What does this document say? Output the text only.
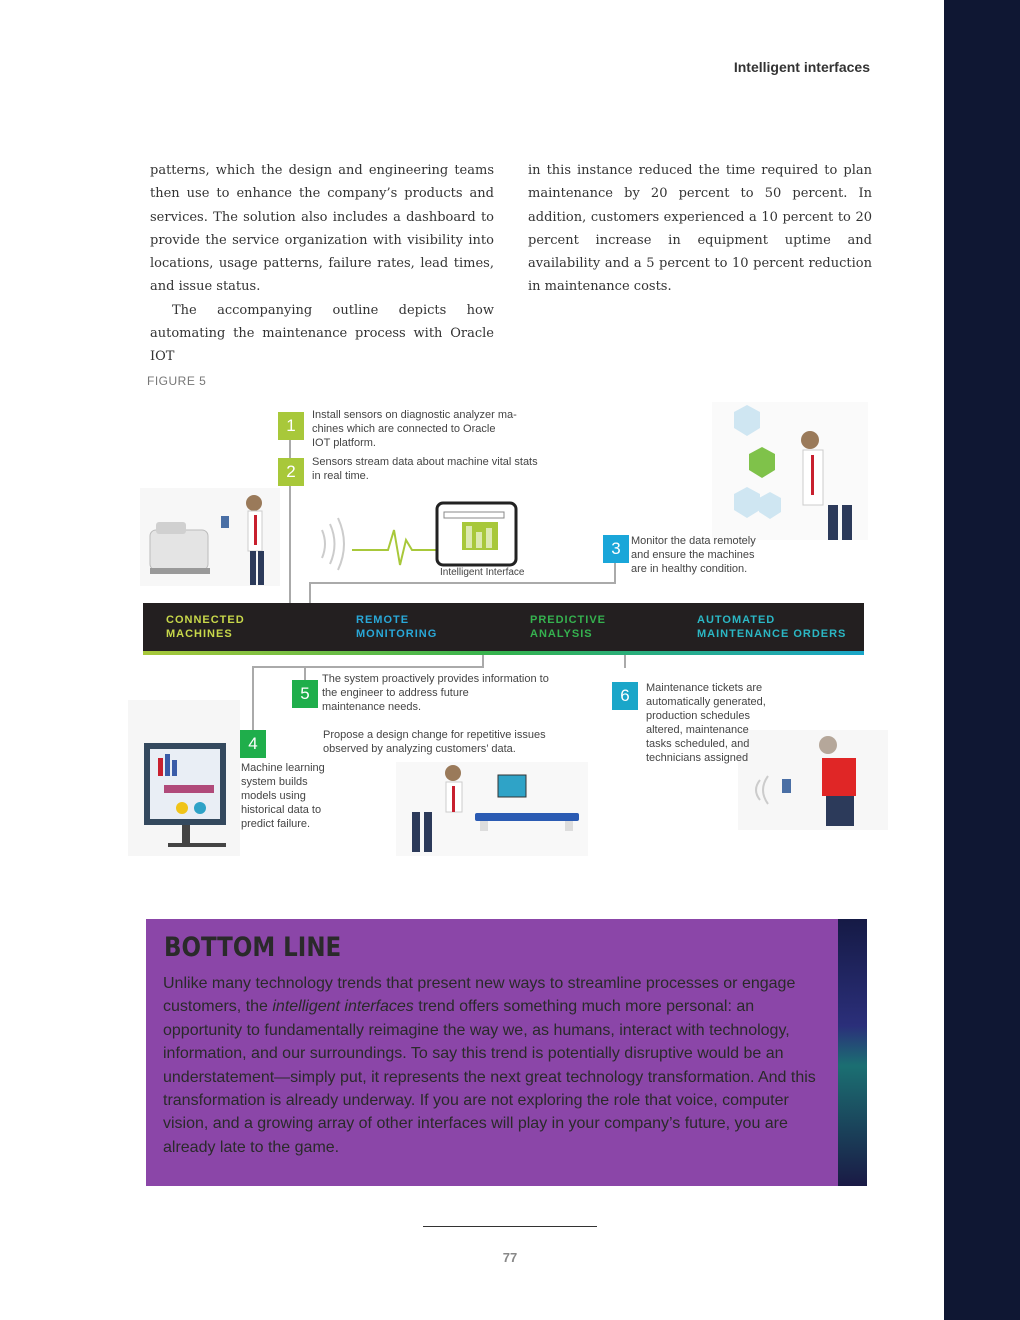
Intelligent interfaces

patterns, which the design and engineering teams then use to enhance the company’s products and services. The solution also includes a dashboard to provide the service organization with visibility into locations, usage patterns, failure rates, lead times, and issue status.

The accompanying outline depicts how automating the maintenance process with Oracle IOT

in this instance reduced the time required to plan maintenance by 20 percent to 50 percent. In addition, customers experienced a 10 percent to 20 percent increase in equipment uptime and availability and a 5 percent to 10 percent reduction in maintenance costs.

FIGURE 5
Intelligent Interface
1
2
3
4
5	6
Install sensors on diagnostic analyzer ma-
chines which are connected to Oracle
IOT platform.
Sensors stream data about machine vital stats
in real time.
Monitor the data remotely
and ensure the machines
are in healthy condition.
Machine learning
system builds
models using
historical data to
predict failure.
The system proactively provides information to
the engineer to address future
maintenance needs.
Propose a design change for repetitive issues
observed by analyzing customers’ data.
Maintenance tickets are
automatically generated,
production schedules
altered, maintenance
tasks scheduled, and
technicians assigned
CONNECTED
MACHINES
REMOTE
MONITORING
PREDICTIVE
ANALYSIS
AUTOMATED
MAINTENANCE ORDERS
BOTTOM LINE
Unlike many technology trends that present new ways to streamline processes or engage customers, the intelligent interfaces trend offers something much more personal: an opportunity to fundamentally reimagine the way we, as humans, interact with technology, information, and our surroundings. To say this trend is potentially disruptive would be an understatement—simply put, it represents the next great technology transformation. And this transformation is already underway. If you are not exploring the role that voice, computer vision, and a growing array of other interfaces will play in your company’s future, you are already late to the game.
77
